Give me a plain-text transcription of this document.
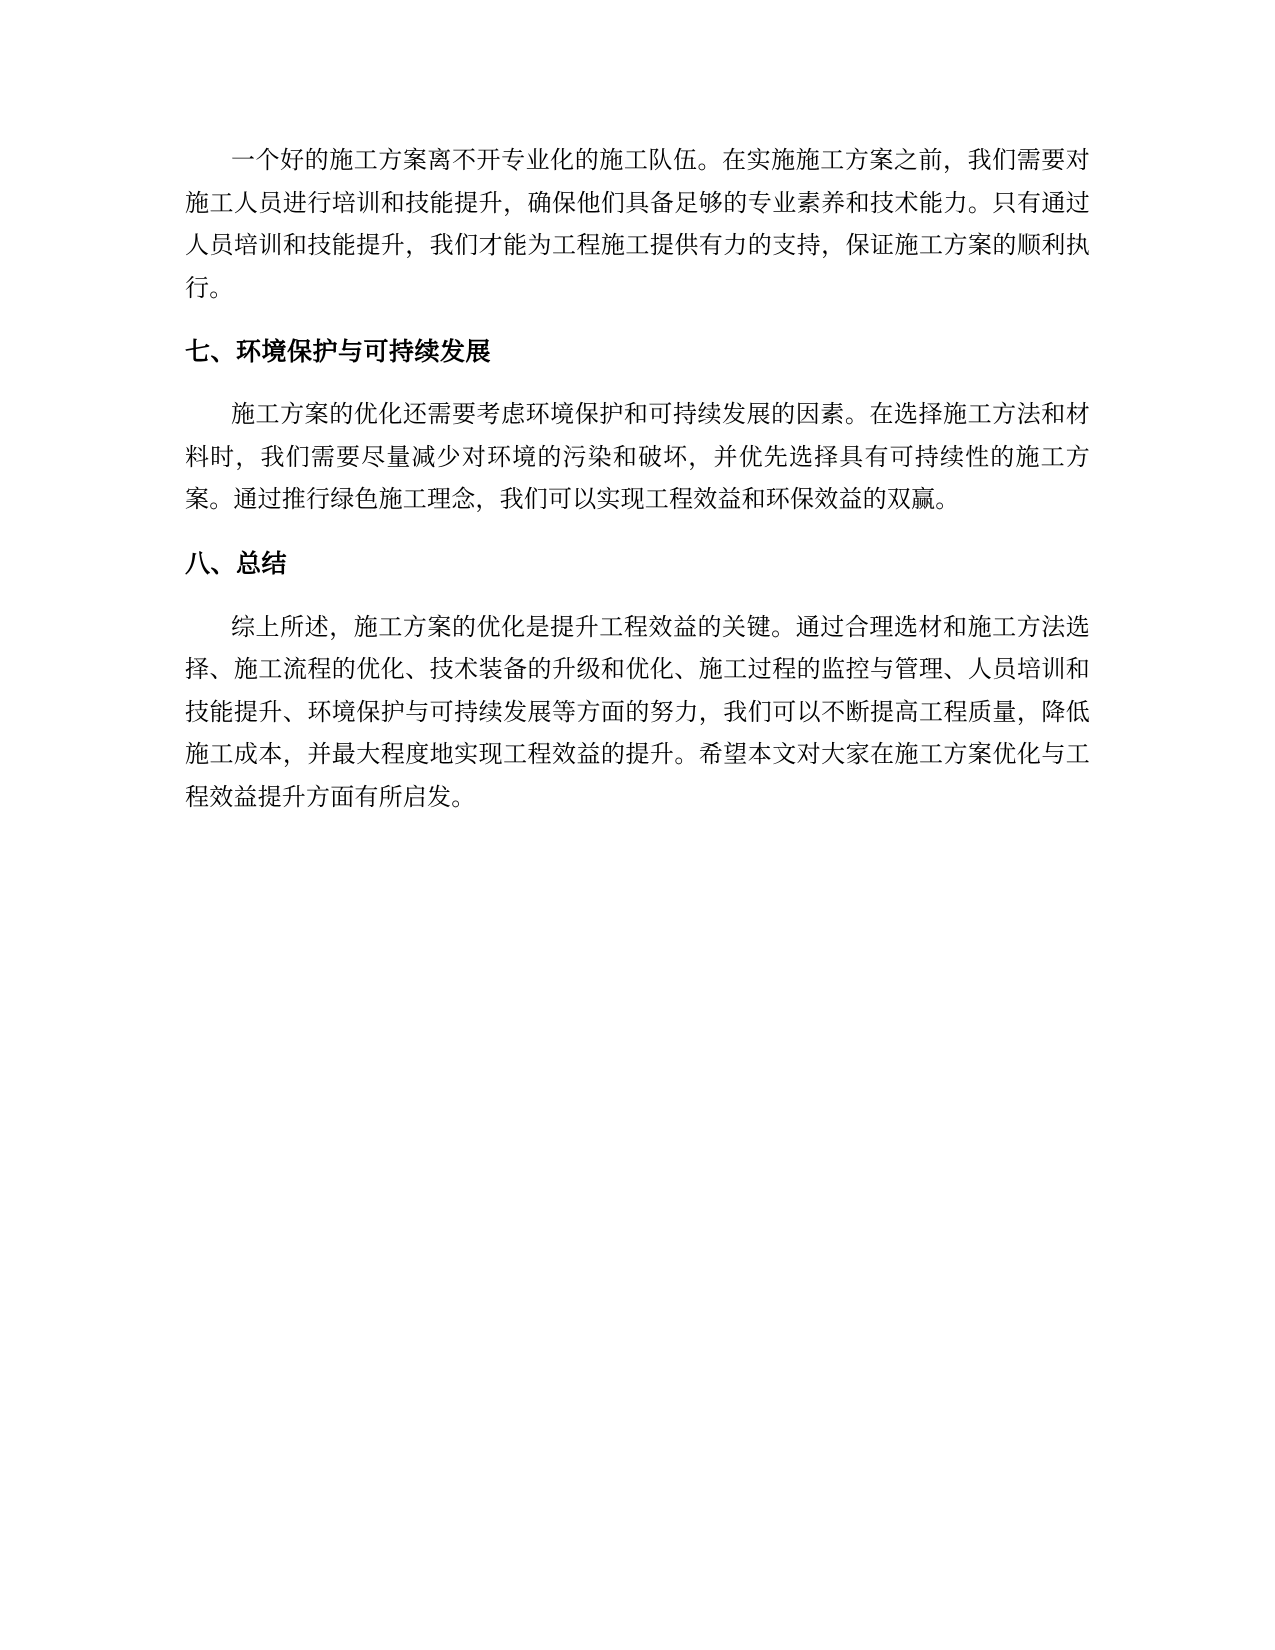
一个好的施工方案离不开专业化的施工队伍。在实施施工方案之前，我们需要对施工人员进行培训和技能提升，确保他们具备足够的专业素养和技术能力。只有通过人员培训和技能提升，我们才能为工程施工提供有力的支持，保证施工方案的顺利执行。

七、环境保护与可持续发展

施工方案的优化还需要考虑环境保护和可持续发展的因素。在选择施工方法和材料时，我们需要尽量减少对环境的污染和破坏，并优先选择具有可持续性的施工方案。通过推行绿色施工理念，我们可以实现工程效益和环保效益的双赢。

八、总结

综上所述，施工方案的优化是提升工程效益的关键。通过合理选材和施工方法选择、施工流程的优化、技术装备的升级和优化、施工过程的监控与管理、人员培训和技能提升、环境保护与可持续发展等方面的努力，我们可以不断提高工程质量，降低施工成本，并最大程度地实现工程效益的提升。希望本文对大家在施工方案优化与工程效益提升方面有所启发。
